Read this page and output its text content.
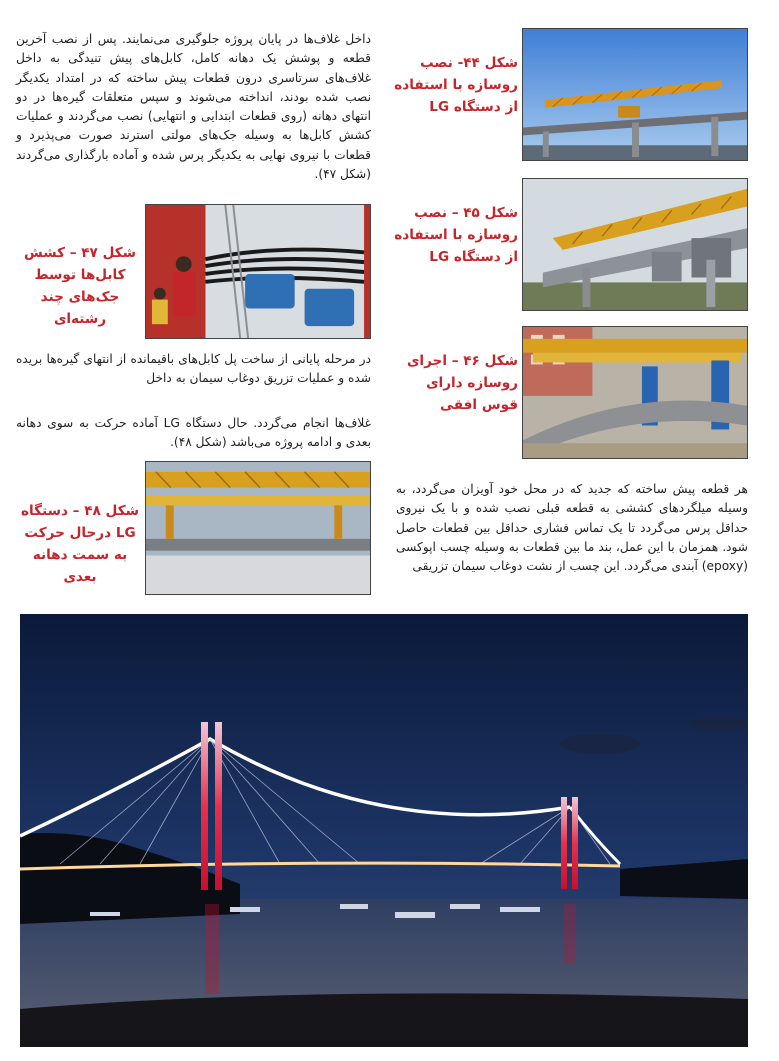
داخل غلاف‌ها در پایان پروژه جلوگیری می‌نمایند. پس از نصب آخرین قطعه و پوشش یک دهانه کامل، کابل‌های پیش تنیدگی به داخل غلاف‌های سرتاسری درون قطعات پیش ساخته که در امتداد یکدیگر نصب شده بودند، انداخته می‌شوند و سپس متعلقات گیره‌ها در دو انتهای دهانه (روی قطعات ابتدایی و انتهایی) نصب می‌گردند و عملیات کشش کابل‌ها به وسیله جک‌های مولتی استرند صورت می‌پذیرد و قطعات با نیروی نهایی به یکدیگر پرس شده و آماده بارگذاری می‌گردند (شکل ۴۷).
شکل ۴۴- نصب روسازه با استفاده از دستگاه LG
شکل ۴۵ – نصب روسازه با استفاده از دستگاه LG
شکل ۴۶ – اجرای روسازه دارای قوس افقی
شکل ۴۷ – کشش کابل‌ها توسط جک‌های چند رشته‌ای
در مرحله پایانی از ساخت پل کابل‌های باقیمانده از انتهای گیره‌ها بریده شده و عملیات تزریق دوغاب سیمان به داخل
غلاف‌ها انجام می‌گردد. حال دستگاه LG آماده حرکت به سوی دهانه بعدی و ادامه پروژه می‌باشد (شکل ۴۸).
شکل ۴۸ – دستگاه LG درحال حرکت به سمت دهانه بعدی
هر قطعه پیش ساخته که جدید که در محل خود آویزان می‌گردد، به وسیله میلگردهای کششی به قطعه قبلی نصب شده و با یک نیروی حداقل پرس می‌گردد تا یک تماس فشاری حداقل بین قطعات حاصل شود. همزمان با این عمل، بند ما بین قطعات به وسیله چسب اپوکسی (epoxy) آبندی می‌گردد. این چسب از نشت دوغاب سیمان تزریقی
